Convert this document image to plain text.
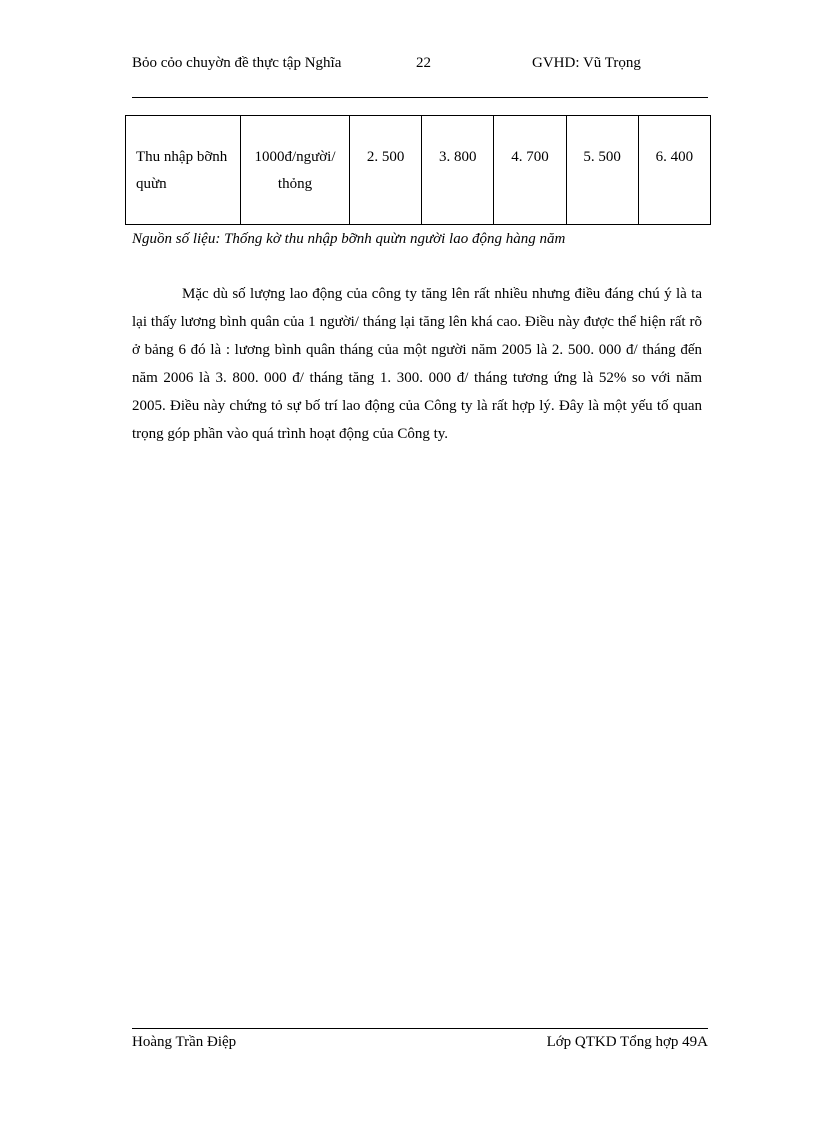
Bỏo cỏo chuyờn đề thực tập Nghĩa	22	GVHD: Vũ Trọng
Thu nhập bỡnh quừn	1000đ/người/ thỏng	2. 500	3. 800	4. 700	5. 500	6. 400
Nguồn số liệu: Thống kờ thu nhập bỡnh quừn người lao động hàng năm

Mặc dù số lượng lao động của công ty tăng lên rất nhiều nhưng điều đáng chú ý là ta lại thấy lương bình quân của 1 người/ tháng lại tăng lên khá cao. Điều này được thể hiện rất rõ ở bảng 6 đó là : lương bình quân tháng của một người năm 2005 là 2. 500. 000 đ/ tháng đến năm 2006 là 3. 800. 000 đ/ tháng tăng 1. 300. 000 đ/ tháng tương ứng là 52% so với năm 2005. Điều này chứng tỏ sự bố trí lao động của Công ty là rất hợp lý. Đây là một yếu tố quan trọng góp phần vào quá trình hoạt động của Công ty.

Hoàng Trần Điệp	Lớp QTKD Tổng hợp 49A
